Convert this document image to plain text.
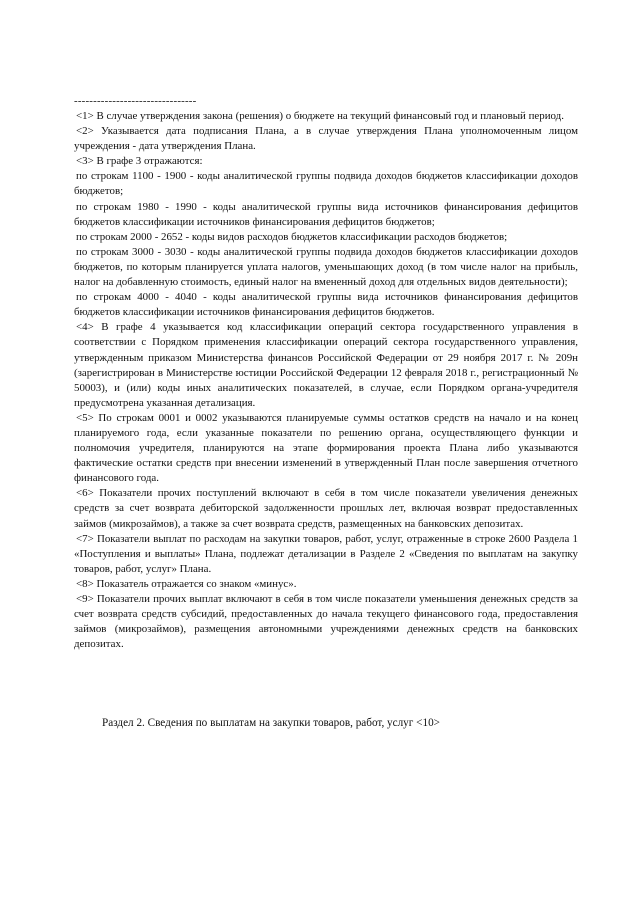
--------------------------------

<1> В случае утверждения закона (решения) о бюджете на текущий финансовый год и плановый период.

<2> Указывается дата подписания Плана, а в случае утверждения Плана уполномоченным лицом учреждения - дата утверждения Плана.

<3> В графе 3 отражаются:

по строкам 1100 - 1900 - коды аналитической группы подвида доходов бюджетов классификации доходов бюджетов;

по строкам 1980 - 1990 - коды аналитической группы вида источников финансирования дефицитов бюджетов классификации источников финансирования дефицитов бюджетов;

по строкам 2000 - 2652 - коды видов расходов бюджетов классификации расходов бюджетов;

по строкам 3000 - 3030 - коды аналитической группы подвида доходов бюджетов классификации доходов бюджетов, по которым планируется уплата налогов, уменьшающих доход (в том числе налог на прибыль, налог на добавленную стоимость, единый налог на вмененный доход для отдельных видов деятельности);

по строкам 4000 - 4040 - коды аналитической группы вида источников финансирования дефицитов бюджетов классификации источников финансирования дефицитов бюджетов.

<4> В графе 4 указывается код классификации операций сектора государственного управления в соответствии с Порядком применения классификации операций сектора государственного управления, утвержденным приказом Министерства финансов Российской Федерации от 29 ноября 2017 г. № 209н (зарегистрирован в Министерстве юстиции Российской Федерации 12 февраля 2018 г., регистрационный № 50003), и (или) коды иных аналитических показателей, в случае, если Порядком органа-учредителя предусмотрена указанная детализация.

<5> По строкам 0001 и 0002 указываются планируемые суммы остатков средств на начало и на конец планируемого года, если указанные показатели по решению органа, осуществляющего функции и полномочия учредителя, планируются на этапе формирования проекта Плана либо указываются фактические остатки средств при внесении изменений в утвержденный План после завершения отчетного финансового года.

<6> Показатели прочих поступлений включают в себя в том числе показатели увеличения денежных средств за счет возврата дебиторской задолженности прошлых лет, включая возврат предоставленных займов (микрозаймов), а также за счет возврата средств, размещенных на банковских депозитах.

<7> Показатели выплат по расходам на закупки товаров, работ, услуг, отраженные в строке 2600 Раздела 1 «Поступления и выплаты» Плана, подлежат детализации в Разделе 2 «Сведения по выплатам на закупку товаров, работ, услуг» Плана.

<8> Показатель отражается со знаком «минус».

<9> Показатели прочих выплат включают в себя в том числе показатели уменьшения денежных средств за счет возврата средств субсидий, предоставленных до начала текущего финансового года, предоставления займов (микрозаймов), размещения автономными учреждениями денежных средств на банковских депозитах.

Раздел 2. Сведения по выплатам на закупки товаров, работ, услуг <10>
